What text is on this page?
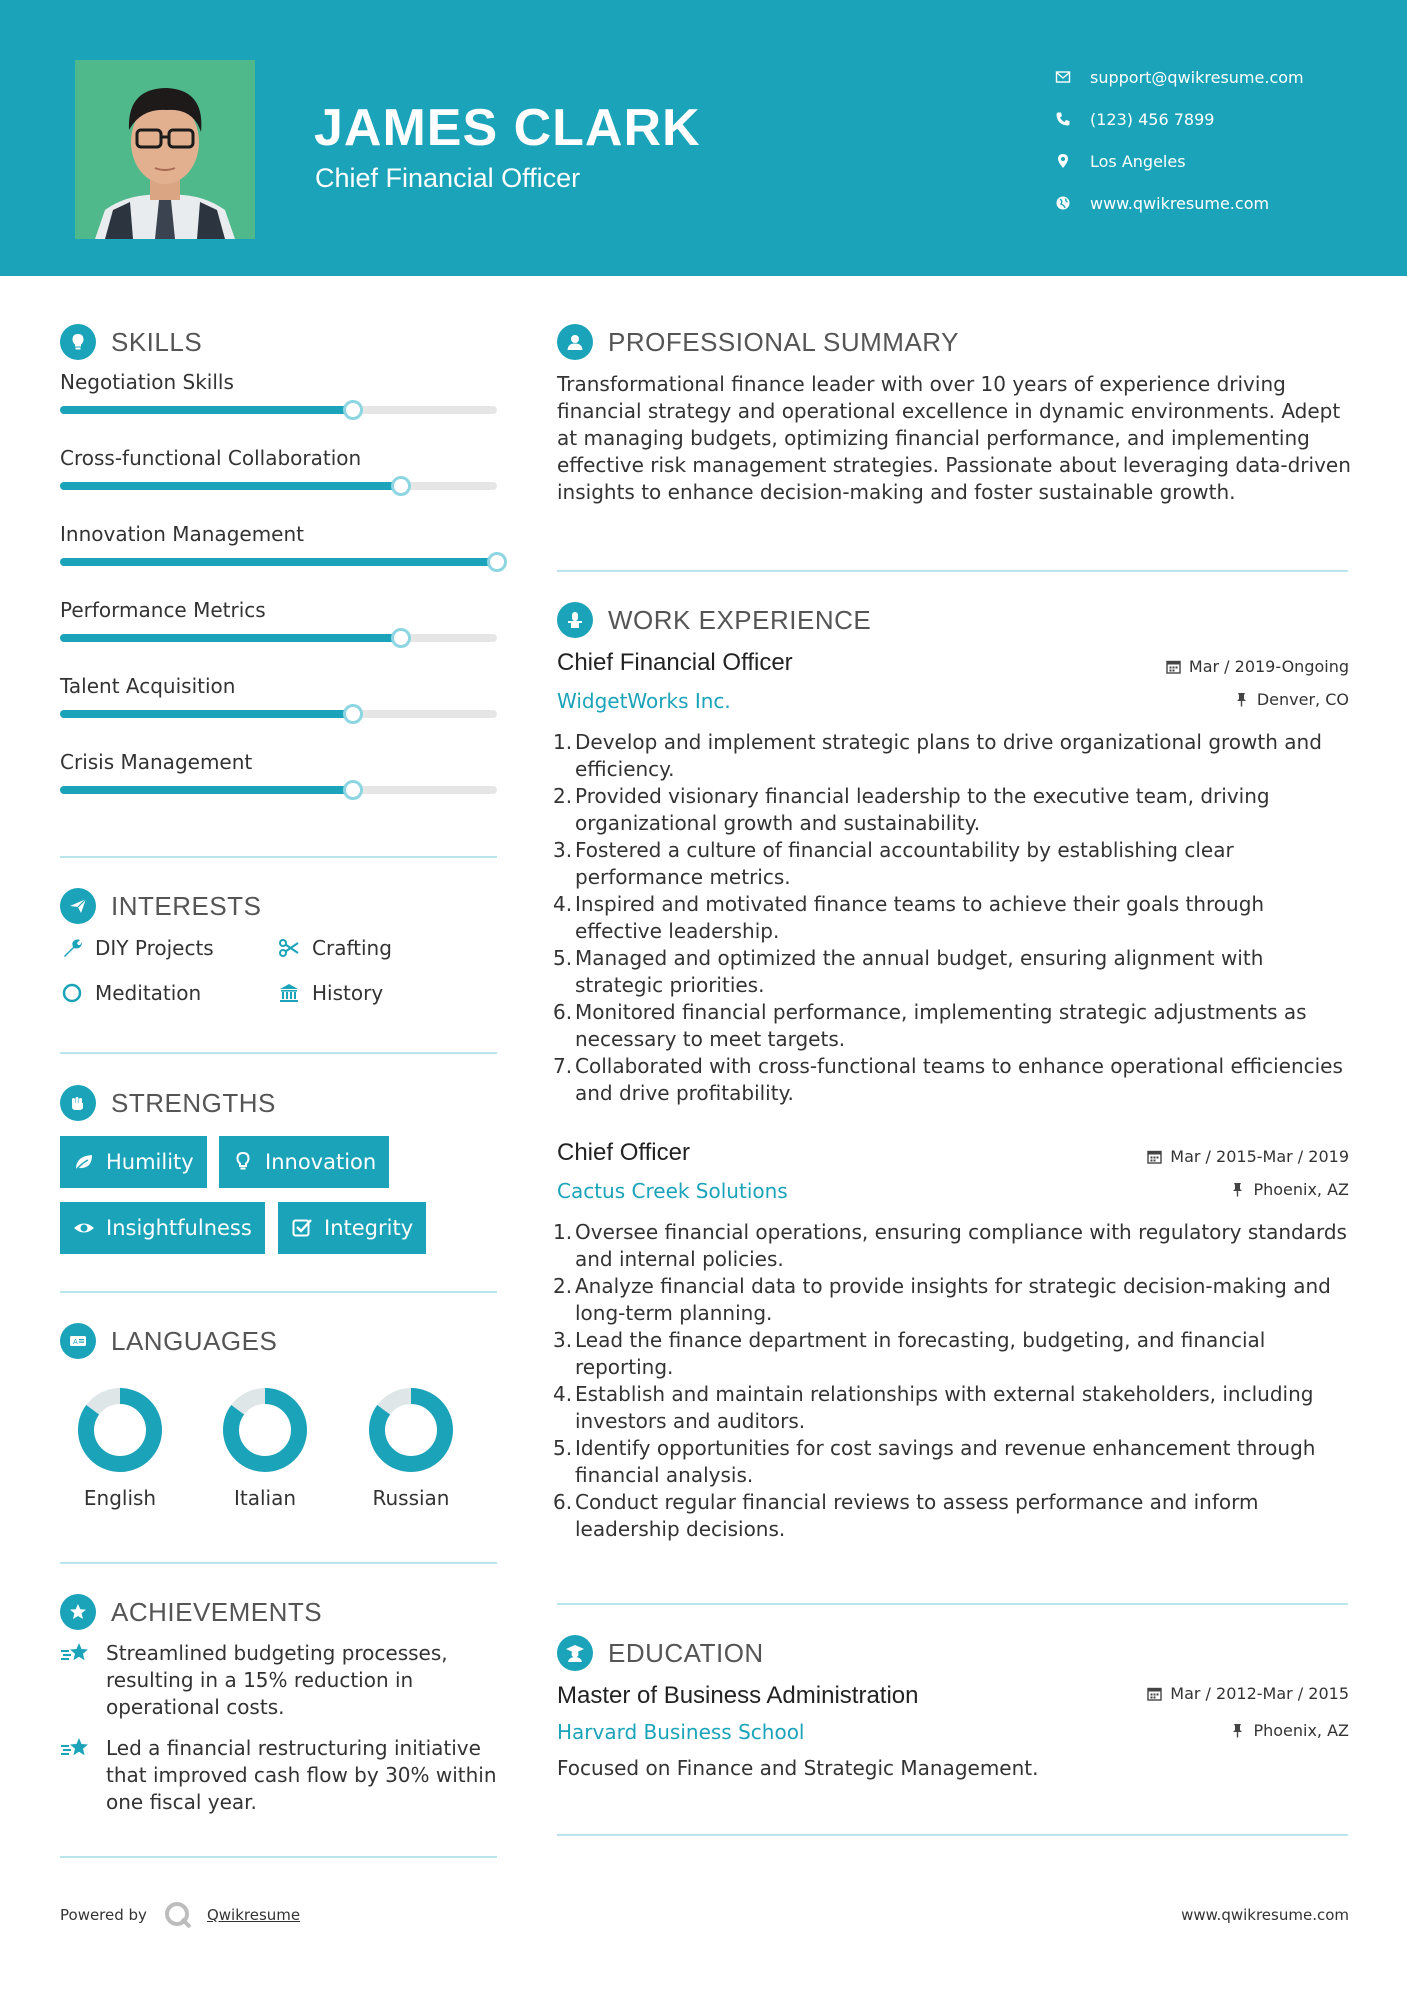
JAMES CLARK
Chief Financial Officer
support@qwikresume.com
(123) 456 7899
Los Angeles
www.qwikresume.com
SKILLS
Negotiation Skills
Cross-functional Collaboration
Innovation Management
Performance Metrics
Talent Acquisition
Crisis Management
INTERESTS
DIY Projects	Crafting
Meditation	History
STRENGTHS
Humility	Innovation
Insightfulness	Integrity
A LANGUAGES
English	Italian	Russian
ACHIEVEMENTS
Streamlined budgeting processes, resulting in a 15% reduction in operational costs.
Led a financial restructuring initiative that improved cash flow by 30% within one fiscal year.
PROFESSIONAL SUMMARY
Transformational finance leader with over 10 years of experience driving financial strategy and operational excellence in dynamic environments. Adept at managing budgets, optimizing financial performance, and implementing effective risk management strategies. Passionate about leveraging data-driven insights to enhance decision-making and foster sustainable growth.
WORK EXPERIENCE
Chief Financial Officer	Mar / 2019-Ongoing
WidgetWorks Inc.	Denver, CO
1. Develop and implement strategic plans to drive organizational growth and efficiency.
2. Provided visionary financial leadership to the executive team, driving organizational growth and sustainability.
3. Fostered a culture of financial accountability by establishing clear performance metrics.
4. Inspired and motivated finance teams to achieve their goals through effective leadership.
5. Managed and optimized the annual budget, ensuring alignment with strategic priorities.
6. Monitored financial performance, implementing strategic adjustments as necessary to meet targets.
7. Collaborated with cross-functional teams to enhance operational efficiencies and drive profitability.
Chief Officer	Mar / 2015-Mar / 2019
Cactus Creek Solutions	Phoenix, AZ
1. Oversee financial operations, ensuring compliance with regulatory standards and internal policies.
2. Analyze financial data to provide insights for strategic decision-making and long-term planning.
3. Lead the finance department in forecasting, budgeting, and financial reporting.
4. Establish and maintain relationships with external stakeholders, including investors and auditors.
5. Identify opportunities for cost savings and revenue enhancement through financial analysis.
6. Conduct regular financial reviews to assess performance and inform leadership decisions.
EDUCATION
Master of Business Administration	Mar / 2012-Mar / 2015
Harvard Business School	Phoenix, AZ
Focused on Finance and Strategic Management.
Powered by	Qwikresume	www.qwikresume.com
